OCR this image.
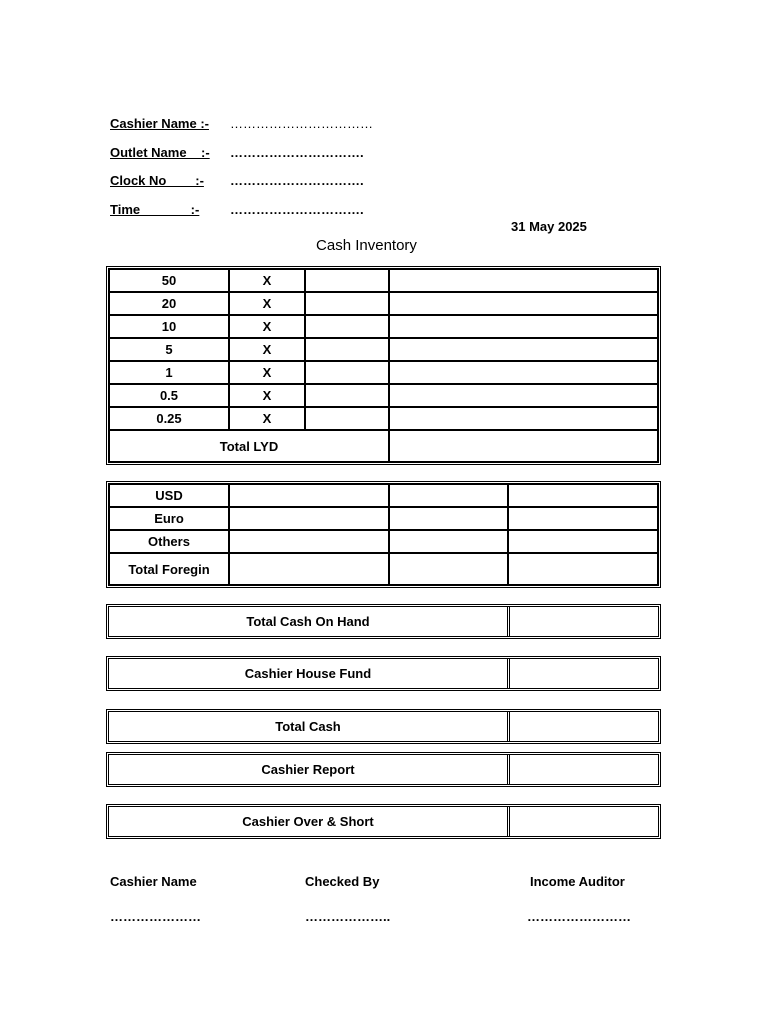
Cashier Name :- ……………………………
Outlet Name    :- ………………………….
Clock No        :- ………………………….
Time              :- ………………………….
31 May 2025
Cash Inventory
50	X		
20	X		
10	X		
5	X		
1	X		
0.5	X		
0.25	X		
Total LYD			
USD			
Euro			
Others			
Total Foregin			
Total Cash On Hand
Cashier House Fund
Total Cash
Cashier Report
Cashier Over & Short
Cashier Name	Checked By	Income Auditor
…………………	………………..	……………………
